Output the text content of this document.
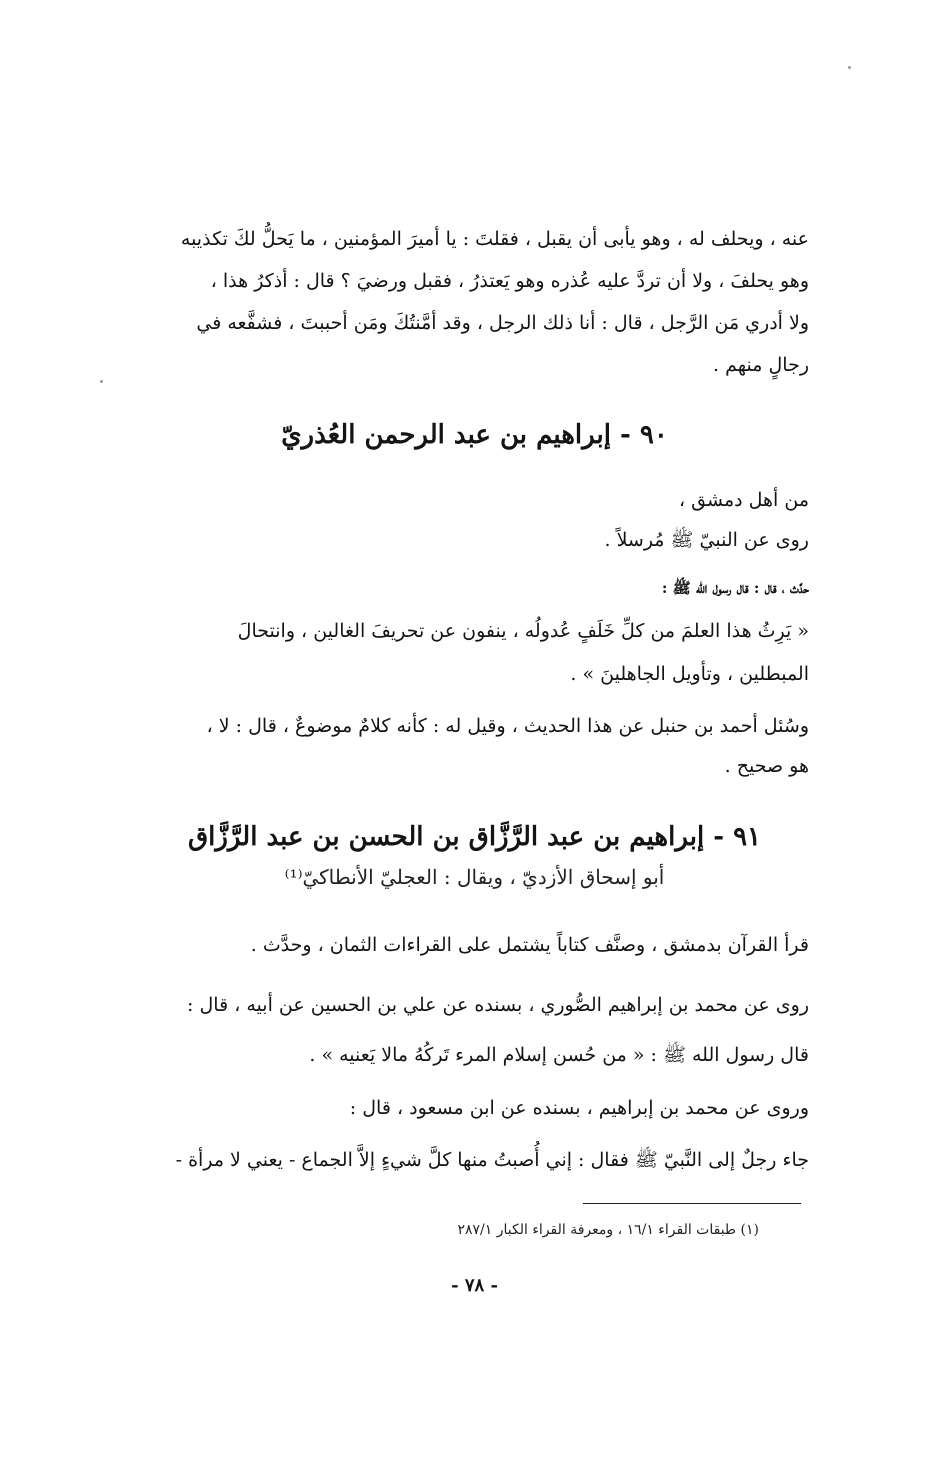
عنه ، ويحلف له ، وهو يأبى أن يقبل ، فقلتَ : يا أميرَ المؤمنين ، ما يَحلُّ لكَ تكذيبه
وهو يحلفَ ، ولا أن تردَّ عليه عُذره وهو يَعتذرُ ، فقبل ورضيَ ؟ قال : أذكرُ هذا ،
ولا أدري مَن الرَّجل ، قال : أنا ذلك الرجل ، وقد أمَّنتُكَ ومَن أحببتَ ، فشفَّعه في
رجالٍ منهم .
٩٠ - إبراهيم بن عبد الرحمن العُذريّ
من أهل دمشق ،
روى عن النبيّ ﷺ مُرسلاً .
حدَّث ، قال : قال رسول الله ﷺ :
« يَرِثُ هذا العلمَ من كلِّ خَلَفٍ عُدولُه ، ينفون عن تحريفَ الغالين ، وانتحالَ
المبطلين ، وتأويل الجاهلينَ » .
وسُئل أحمد بن حنبل عن هذا الحديث ، وقيل له : كأنه كلامٌ موضوعٌ ، قال : لا ،
هو صحيح .
٩١ - إبراهيم بن عبد الرَّزَّاق بن الحسن بن عبد الرَّزَّاق
أبو إسحاق الأزديّ ، ويقال : العجليّ الأنطاكيّ⁽¹⁾
قرأ القرآن بدمشق ، وصنَّف كتاباً يشتمل على القراءات الثمان ، وحدَّث .
روى عن محمد بن إبراهيم الصُّوري ، بسنده عن علي بن الحسين عن أبيه ، قال :
قال رسول الله ﷺ : « من حُسن إسلام المرء تَركُهُ مالا يَعنيه » .
وروى عن محمد بن إبراهيم ، بسنده عن ابن مسعود ، قال :
جاء رجلٌ إلى النَّبيّ ﷺ فقال : إني أُصبتُ منها كلَّ شيءٍ إلاَّ الجماع - يعني لا مرأة -
(١) طبقات القراء ١٦/١ ، ومعرفة القراء الكبار ٢٨٧/١
- ٧٨ -
